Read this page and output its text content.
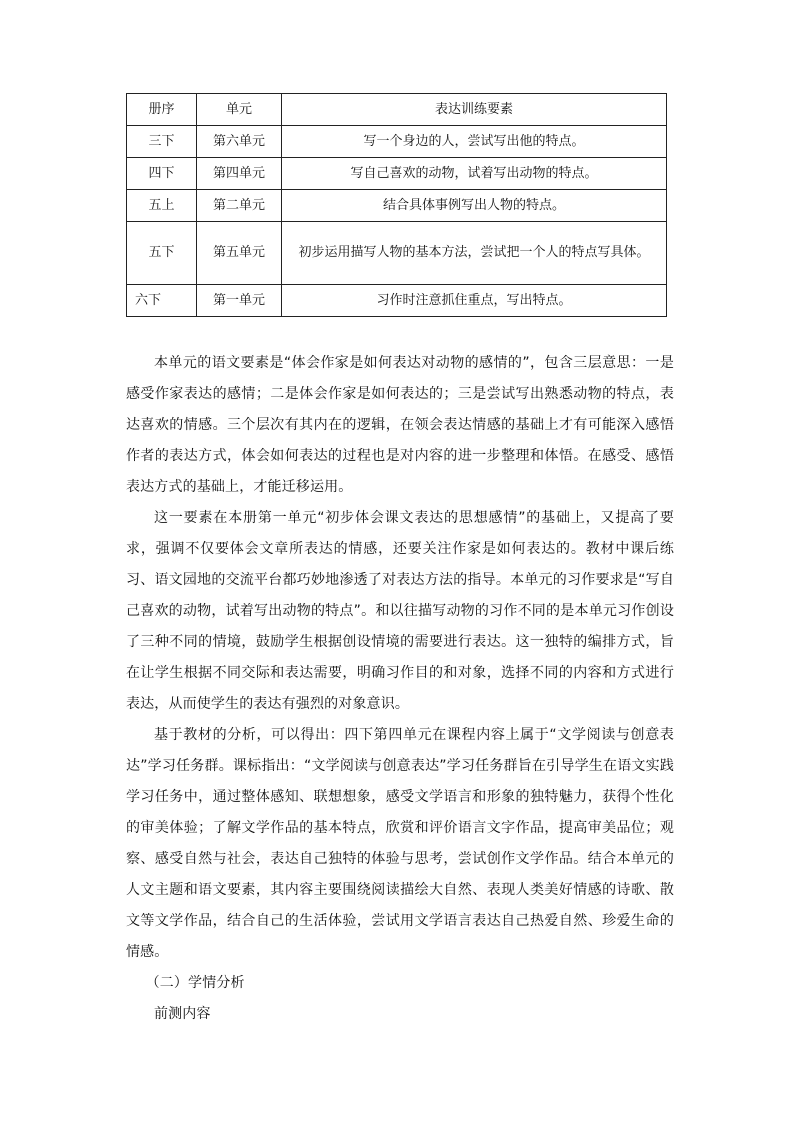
册序	单元	表达训练要素
三下	第六单元	写一个身边的人，尝试写出他的特点。
四下	第四单元	写自己喜欢的动物，试着写出动物的特点。
五上	第二单元	结合具体事例写出人物的特点。
五下	第五单元	初步运用描写人物的基本方法，尝试把一个人的特点写具体。
六下	第一单元	习作时注意抓住重点，写出特点。

本单元的语文要素是“体会作家是如何表达对动物的感情的”，包含三层意思：一是感受作家表达的感情；二是体会作家是如何表达的；三是尝试写出熟悉动物的特点，表达喜欢的情感。三个层次有其内在的逻辑，在领会表达情感的基础上才有可能深入感悟作者的表达方式，体会如何表达的过程也是对内容的进一步整理和体悟。在感受、感悟表达方式的基础上，才能迁移运用。

这一要素在本册第一单元“初步体会课文表达的思想感情”的基础上，又提高了要求，强调不仅要体会文章所表达的情感，还要关注作家是如何表达的。教材中课后练习、语文园地的交流平台都巧妙地渗透了对表达方法的指导。本单元的习作要求是“写自己喜欢的动物，试着写出动物的特点”。和以往描写动物的习作不同的是本单元习作创设了三种不同的情境，鼓励学生根据创设情境的需要进行表达。这一独特的编排方式，旨在让学生根据不同交际和表达需要，明确习作目的和对象，选择不同的内容和方式进行表达，从而使学生的表达有强烈的对象意识。

基于教材的分析，可以得出：四下第四单元在课程内容上属于“文学阅读与创意表达”学习任务群。课标指出：“文学阅读与创意表达”学习任务群旨在引导学生在语文实践学习任务中，通过整体感知、联想想象，感受文学语言和形象的独特魅力，获得个性化的审美体验；了解文学作品的基本特点，欣赏和评价语言文字作品，提高审美品位；观察、感受自然与社会，表达自己独特的体验与思考，尝试创作文学作品。结合本单元的人文主题和语文要素，其内容主要围绕阅读描绘大自然、表现人类美好情感的诗歌、散文等文学作品，结合自己的生活体验，尝试用文学语言表达自己热爱自然、珍爱生命的情感。

（二）学情分析

前测内容
